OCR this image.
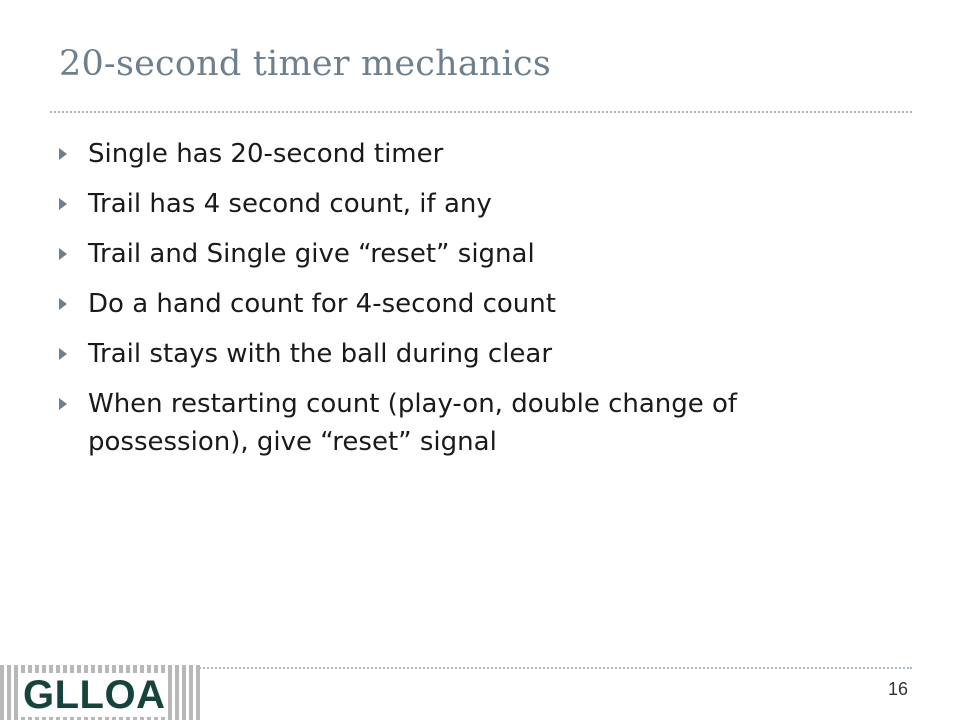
20-second timer mechanics
Single has 20-second timer
Trail has 4 second count, if any
Trail and Single give “reset” signal
Do a hand count for 4-second count
Trail stays with the ball during clear
When restarting count (play-on, double change of possession), give “reset” signal
GLLOA	16
